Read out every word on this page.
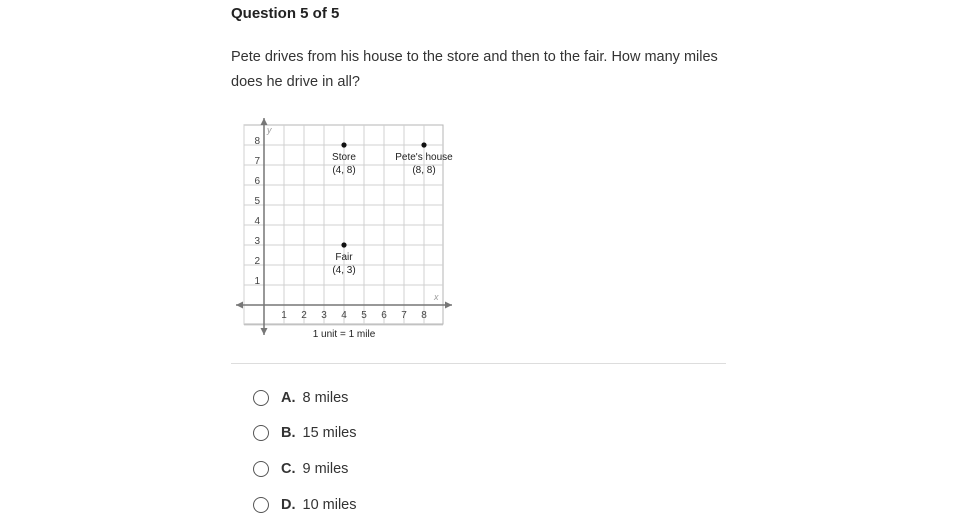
Question 5 of 5
Pete drives from his house to the store and then to the fair. How many miles does he drive in all?
1 2 3 4 5 6 7 8
1
2
3
4
5
6
7
8
Store
(4, 8)
Pete's house
(8, 8)
Fair
(4, 3)
x
y
1 unit = 1 mile
A. 8 miles
B. 15 miles
C. 9 miles
D. 10 miles
